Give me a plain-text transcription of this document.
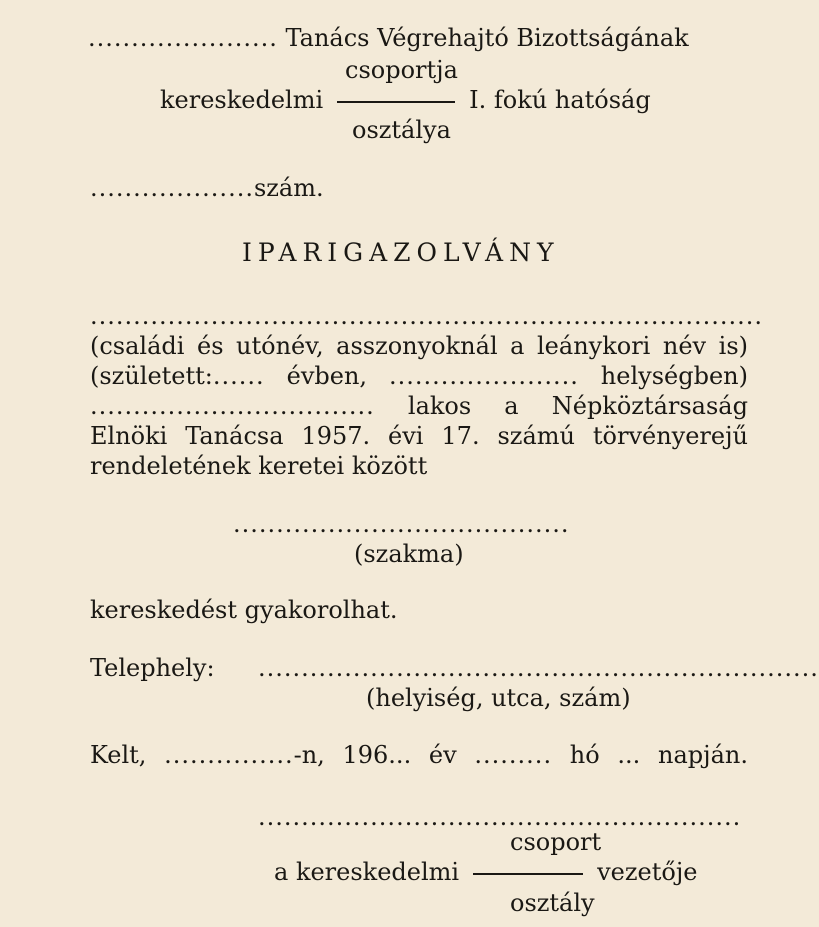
...................... Tanács Végrehajtó Bizottságának
csoportja
kereskedelmi	I. fokú hatóság
osztálya
...................szám.
IPARIGAZOLVÁNY
..............................................................................
(családi és utónév, asszonyoknál a leánykori név is)
(született:...... évben, ...................... helységben)
................................. lakos a Népköztársaság
Elnöki Tanácsa 1957. évi 17. számú törvényerejű
rendeletének keretei között
.......................................
(szakma)
kereskedést gyakorolhat.
Telephely: .................................................................
(helyiség, utca, szám)
Kelt, ...............-n, 196... év ......... hó ... napján.
........................................................
csoport
a kereskedelmi	vezetője
osztály
